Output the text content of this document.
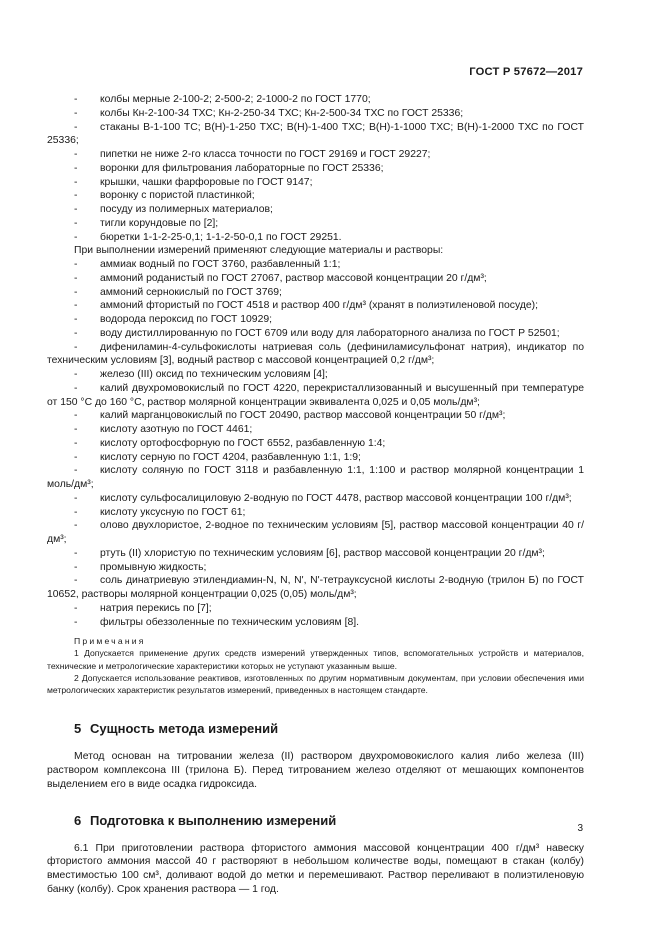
ГОСТ Р 57672—2017
- колбы мерные 2-100-2; 2-500-2; 2-1000-2 по ГОСТ 1770;
- колбы Кн-2-100-34 ТХС; Кн-2-250-34 ТХС; Кн-2-500-34 ТХС по ГОСТ 25336;
- стаканы В-1-100 ТС; В(Н)-1-250 ТХС; В(Н)-1-400 ТХС; В(Н)-1-1000 ТХС; В(Н)-1-2000 ТХС по ГОСТ 25336;
- пипетки не ниже 2-го класса точности по ГОСТ 29169 и ГОСТ 29227;
- воронки для фильтрования лабораторные по ГОСТ 25336;
- крышки, чашки фарфоровые по ГОСТ 9147;
- воронку с пористой пластинкой;
- посуду из полимерных материалов;
- тигли корундовые по [2];
- бюретки 1-1-2-25-0,1; 1-1-2-50-0,1 по ГОСТ 29251.
При выполнении измерений применяют следующие материалы и растворы:
- аммиак водный по ГОСТ 3760, разбавленный 1:1;
- аммоний роданистый по ГОСТ 27067, раствор массовой концентрации 20 г/дм³;
- аммоний сернокислый по ГОСТ 3769;
- аммоний фтористый по ГОСТ 4518 и раствор 400 г/дм³ (хранят в полиэтиленовой посуде);
- водорода пероксид по ГОСТ 10929;
- воду дистиллированную по ГОСТ 6709 или воду для лабораторного анализа по ГОСТ Р 52501;
- дифениламин-4-сульфокислоты натриевая соль (дефиниламисульфонат натрия), индикатор по техническим условиям [3], водный раствор с массовой концентрацией 0,2 г/дм³;
- железо (III) оксид по техническим условиям [4];
- калий двухромовокислый по ГОСТ 4220, перекристаллизованный и высушенный при температуре от 150 °С до 160 °С, раствор молярной концентрации эквивалента 0,025 и 0,05 моль/дм³;
- калий марганцовокислый по ГОСТ 20490, раствор массовой концентрации 50 г/дм³;
- кислоту азотную по ГОСТ 4461;
- кислоту ортофосфорную по ГОСТ 6552, разбавленную 1:4;
- кислоту серную по ГОСТ 4204, разбавленную 1:1, 1:9;
- кислоту соляную по ГОСТ 3118 и разбавленную 1:1, 1:100 и раствор молярной концентрации 1 моль/дм³;
- кислоту сульфосалициловую 2-водную по ГОСТ 4478, раствор массовой концентрации 100 г/дм³;
- кислоту уксусную по ГОСТ 61;
- олово двухлористое, 2-водное по техническим условиям [5], раствор массовой концентрации 40 г/дм³;
- ртуть (II) хлористую по техническим условиям [6], раствор массовой концентрации 20 г/дм³;
- промывную жидкость;
- соль динатриевую этилендиамин-N, N, N', N'-тетрауксусной кислоты 2-водную (трилон Б) по ГОСТ 10652, растворы молярной концентрации 0,025 (0,05) моль/дм³;
- натрия перекись по [7];
- фильтры обеззоленные по техническим условиям [8].
Примечания
1 Допускается применение других средств измерений утвержденных типов, вспомогательных устройств и материалов, технические и метрологические характеристики которых не уступают указанным выше.
2 Допускается использование реактивов, изготовленных по другим нормативным документам, при условии обеспечения ими метрологических характеристик результатов измерений, приведенных в настоящем стандарте.
5 Сущность метода измерений
Метод основан на титровании железа (II) раствором двухромовокислого калия либо железа (III) раствором комплексона III (трилона Б). Перед титрованием железо отделяют от мешающих компонентов выделением его в виде осадка гидроксида.
6 Подготовка к выполнению измерений
6.1 При приготовлении раствора фтористого аммония массовой концентрации 400 г/дм³ навеску фтористого аммония массой 40 г растворяют в небольшом количестве воды, помещают в стакан (колбу) вместимостью 100 см³, доливают водой до метки и перемешивают. Раствор переливают в полиэтиленовую банку (колбу). Срок хранения раствора — 1 год.
3
